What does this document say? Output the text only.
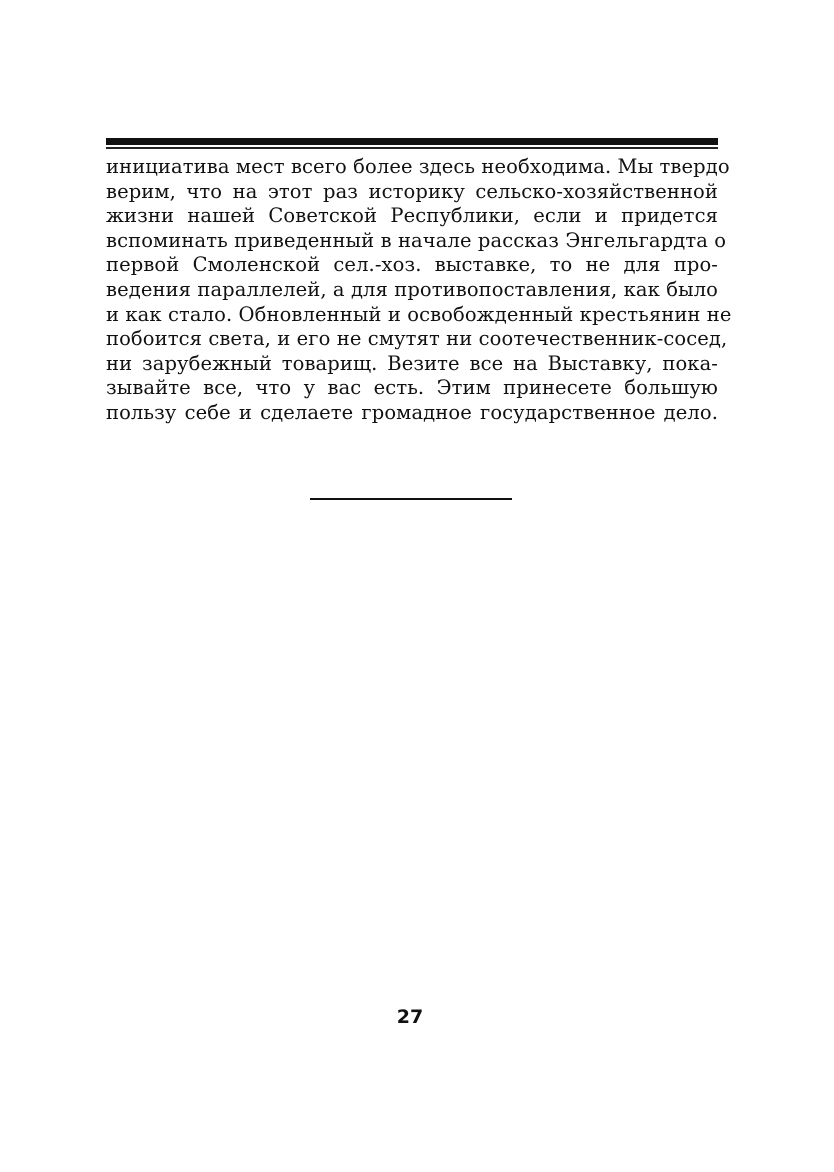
инициатива мест всего более здесь необходима. Мы твердо
верим, что на этот раз историку сельско-хозяйственной
жизни нашей Советской Республики, если и придется
вспоминать приведенный в начале рассказ Энгельгардта о
первой Смоленской сел.-хоз. выставке, то не для про-
ведения параллелей, а для противопоставления, как было
и как стало. Обновленный и освобожденный крестьянин не
побоится света, и его не смутят ни соотечественник-сосед,
ни зарубежный товарищ. Везите все на Выставку, пока-
зывайте все, что у вас есть. Этим принесете большую
пользу себе и сделаете громадное государственное дело.
27
